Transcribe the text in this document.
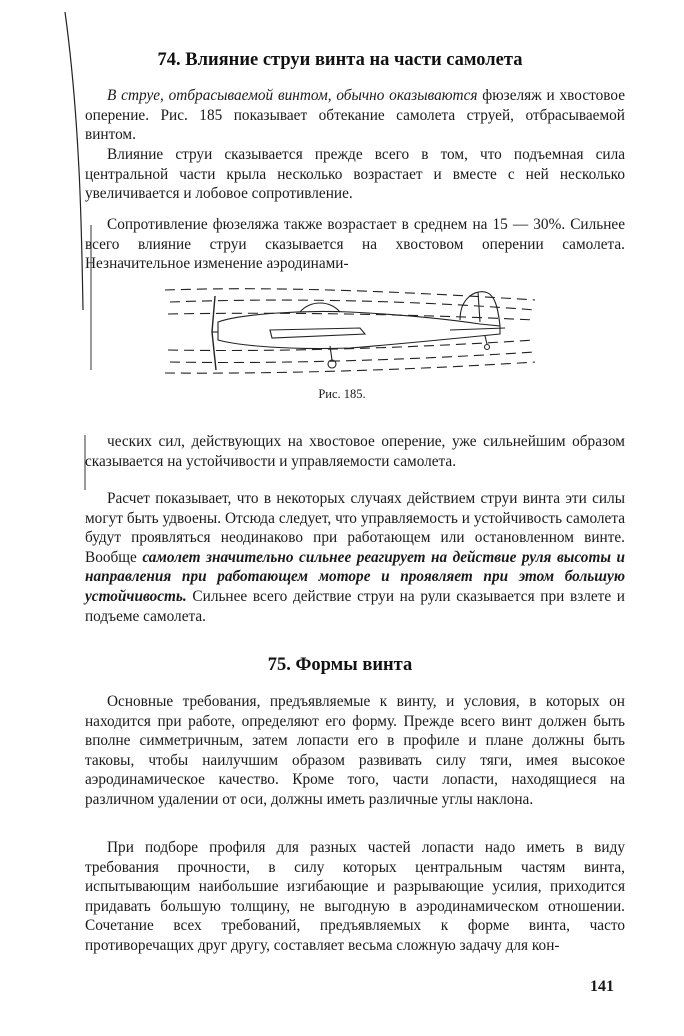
74. Влияние струи винта на части самолета

В струе, отбрасываемой винтом, обычно оказываются фюзеляж и хвостовое оперение. Рис. 185 показывает обтекание самолета струей, отбрасываемой винтом.

Влияние струи сказывается прежде всего в том, что подъемная сила центральной части крыла несколько возрастает и вместе с ней несколько увеличивается и лобовое сопротивление.

Сопротивление фюзеляжа также возрастает в среднем на 15 — 30%. Сильнее всего влияние струи сказывается на хвостовом оперении самолета. Незначительное изменение аэродинами-

Рис. 185.

ческих сил, действующих на хвостовое оперение, уже сильнейшим образом сказывается на устойчивости и управляемости самолета.

Расчет показывает, что в некоторых случаях действием струи винта эти силы могут быть удвоены. Отсюда следует, что управляемость и устойчивость самолета будут проявляться неодинаково при работающем или остановленном винте. Вообще самолет значительно сильнее реагирует на действие руля высоты и направления при работающем моторе и проявляет при этом большую устойчивость. Сильнее всего действие струи на рули сказывается при взлете и подъеме самолета.

75. Формы винта

Основные требования, предъявляемые к винту, и условия, в которых он находится при работе, определяют его форму. Прежде всего винт должен быть вполне симметричным, затем лопасти его в профиле и плане должны быть таковы, чтобы наилучшим образом развивать силу тяги, имея высокое аэродинамическое качество. Кроме того, части лопасти, находящиеся на различном удалении от оси, должны иметь различные углы наклона.

При подборе профиля для разных частей лопасти надо иметь в виду требования прочности, в силу которых центральным частям винта, испытывающим наибольшие изгибающие и разрывающие усилия, приходится придавать большую толщину, не выгодную в аэродинамическом отношении. Сочетание всех требований, предъявляемых к форме винта, часто противоречащих друг другу, составляет весьма сложную задачу для кон-

141
